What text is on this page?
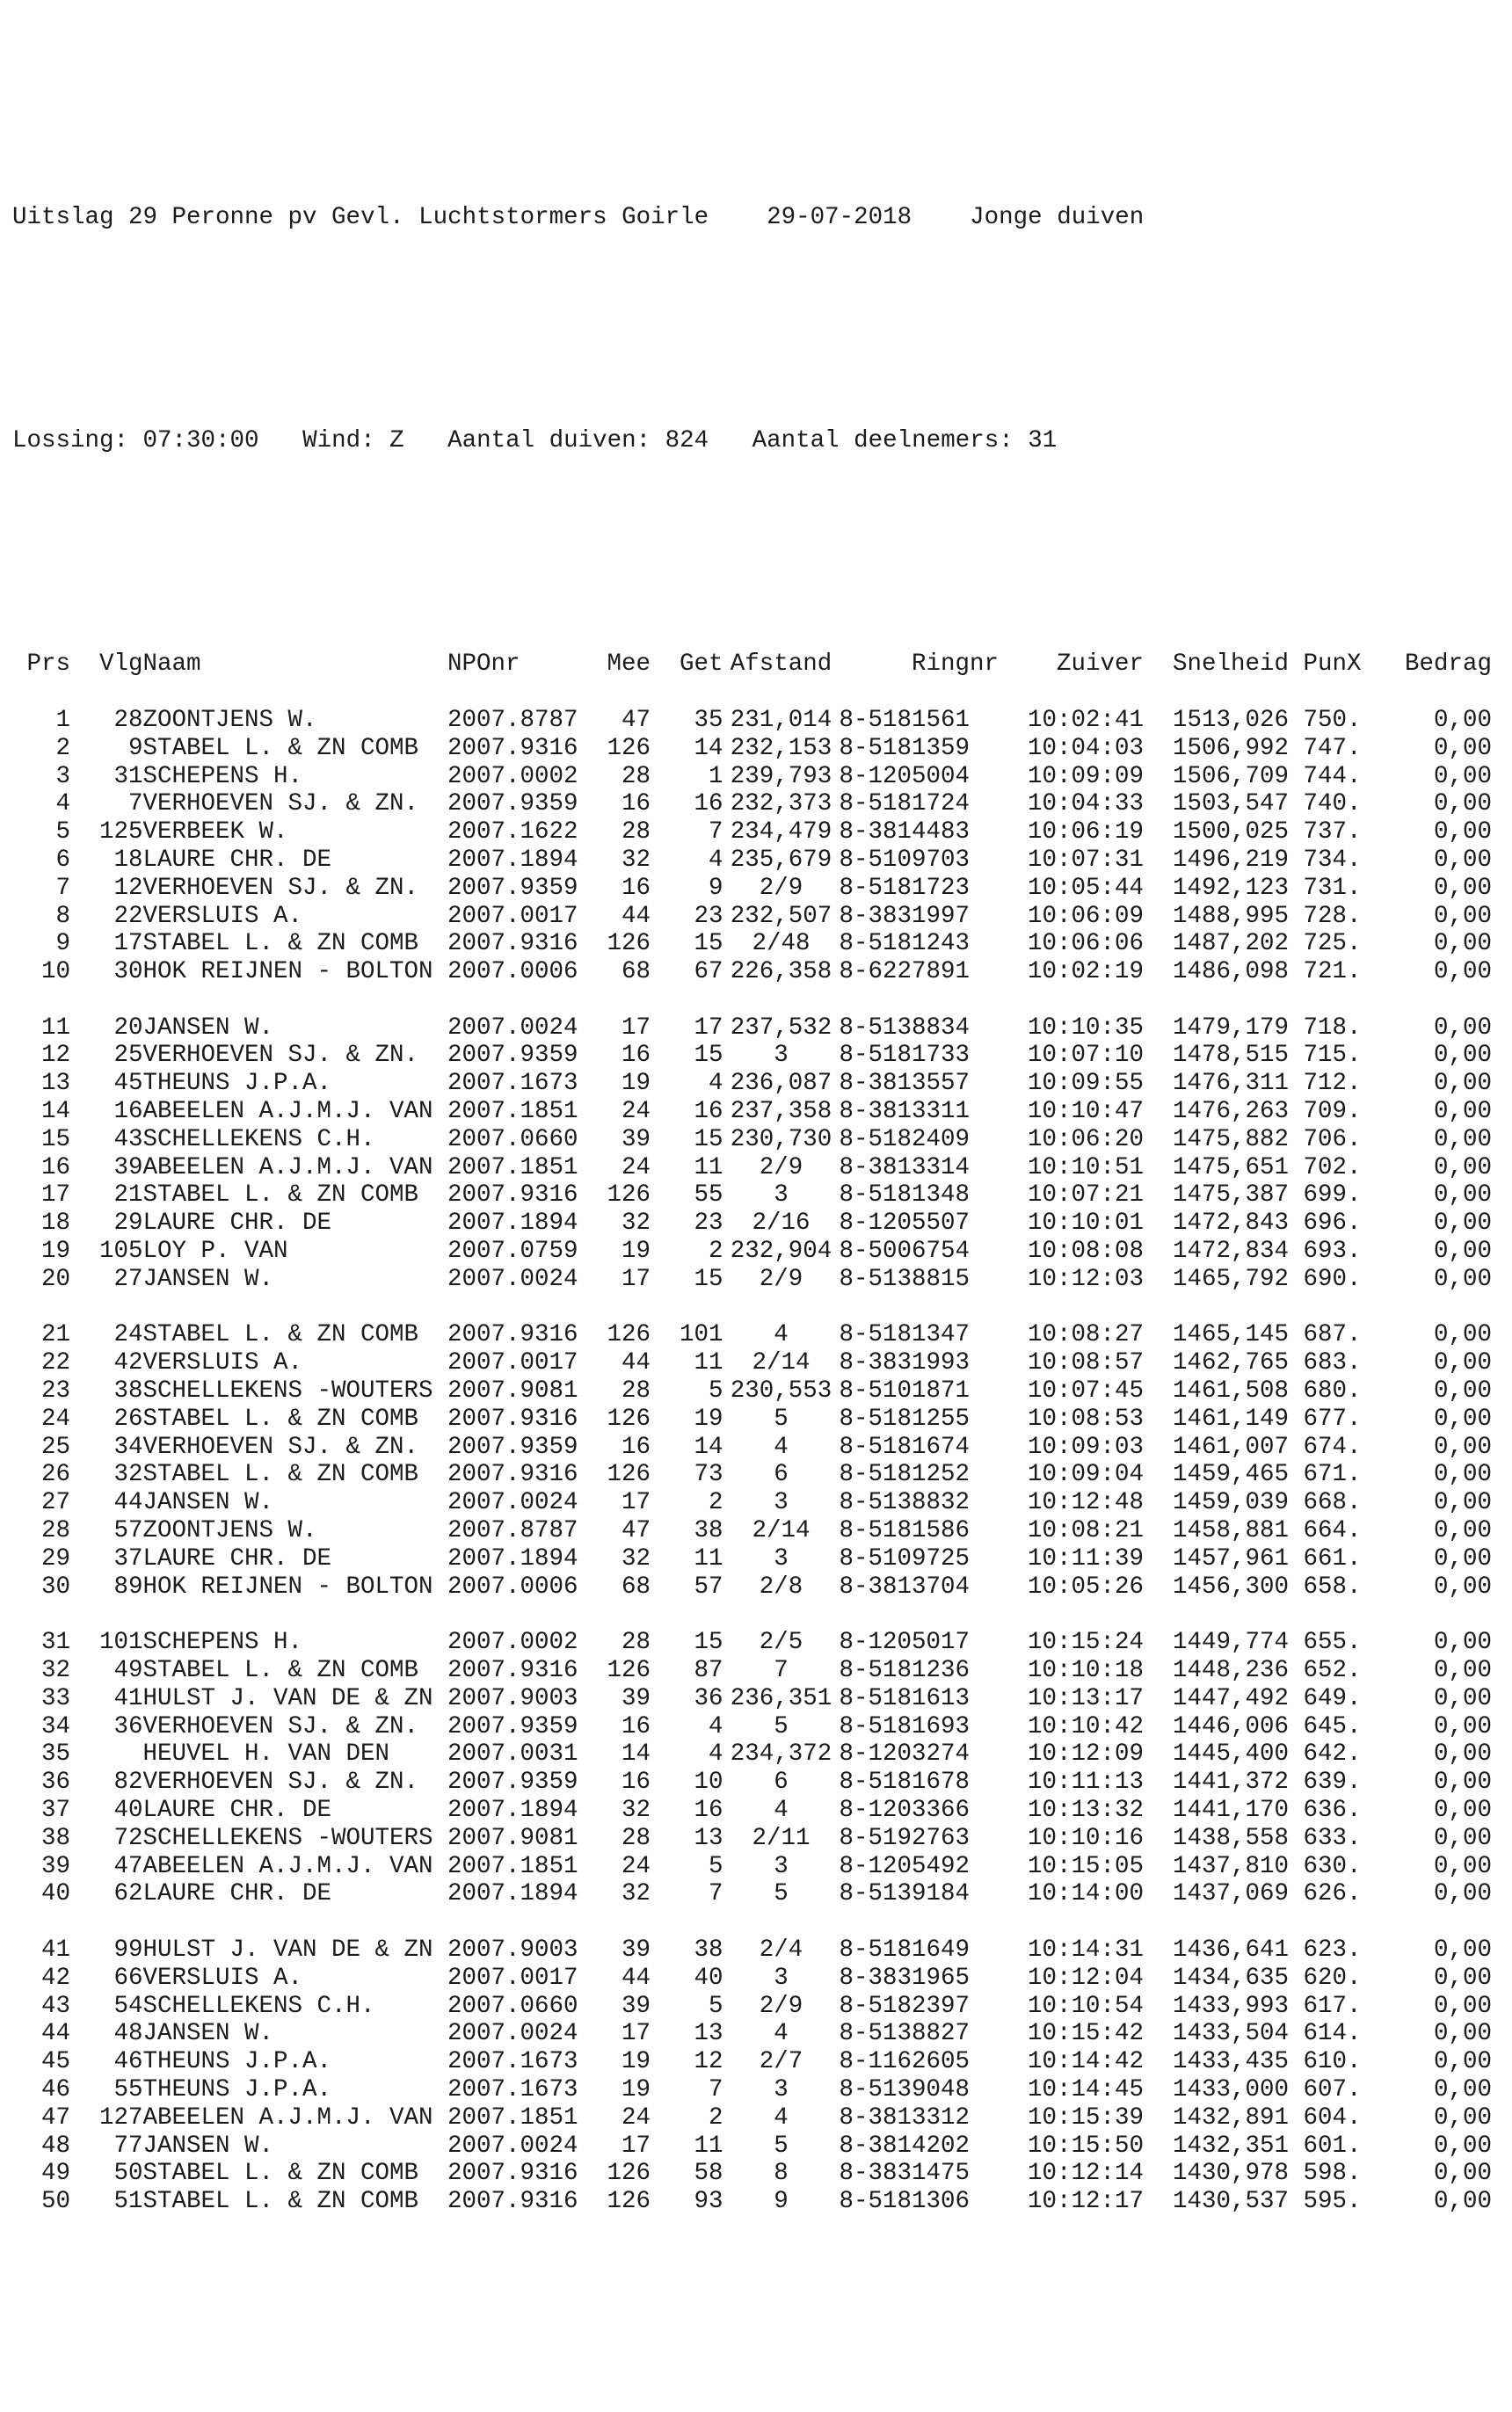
Uitslag 29 Peronne pv Gevl. Luchtstormers Goirle 29-07-2018 Jonge duiven

Lossing: 07:30:00 Wind: Z Aantal duiven: 824 Aantal deelnemers: 31

Prs	Vlg	Naam	NPOnr	Mee	Get	Afstand	Ringnr	Zuiver	Snelheid	Pun	X	Bedrag

1	28	ZOONTJENS W.	2007.8787	47	35	231,014	8-5181561	10:02:41	1513,026	750	.	0,00
2	9	STABEL L. & ZN COMB	2007.9316	126	14	232,153	8-5181359	10:04:03	1506,992	747	.	0,00
3	31	SCHEPENS H.	2007.0002	28	1	239,793	8-1205004	10:09:09	1506,709	744	.	0,00
4	7	VERHOEVEN SJ. & ZN.	2007.9359	16	16	232,373	8-5181724	10:04:33	1503,547	740	.	0,00
5	125	VERBEEK W.	2007.1622	28	7	234,479	8-3814483	10:06:19	1500,025	737	.	0,00
6	18	LAURE CHR. DE	2007.1894	32	4	235,679	8-5109703	10:07:31	1496,219	734	.	0,00
7	12	VERHOEVEN SJ. & ZN.	2007.9359	16	9	2/9	8-5181723	10:05:44	1492,123	731	.	0,00
8	22	VERSLUIS A.	2007.0017	44	23	232,507	8-3831997	10:06:09	1488,995	728	.	0,00
9	17	STABEL L. & ZN COMB	2007.9316	126	15	2/48	8-5181243	10:06:06	1487,202	725	.	0,00
10	30	HOK REIJNEN - BOLTON	2007.0006	68	67	226,358	8-6227891	10:02:19	1486,098	721	.	0,00

11	20	JANSEN W.	2007.0024	17	17	237,532	8-5138834	10:10:35	1479,179	718	.	0,00
12	25	VERHOEVEN SJ. & ZN.	2007.9359	16	15	3	8-5181733	10:07:10	1478,515	715	.	0,00
13	45	THEUNS J.P.A.	2007.1673	19	4	236,087	8-3813557	10:09:55	1476,311	712	.	0,00
14	16	ABEELEN A.J.M.J. VAN	2007.1851	24	16	237,358	8-3813311	10:10:47	1476,263	709	.	0,00
15	43	SCHELLEKENS C.H.	2007.0660	39	15	230,730	8-5182409	10:06:20	1475,882	706	.	0,00
16	39	ABEELEN A.J.M.J. VAN	2007.1851	24	11	2/9	8-3813314	10:10:51	1475,651	702	.	0,00
17	21	STABEL L. & ZN COMB	2007.9316	126	55	3	8-5181348	10:07:21	1475,387	699	.	0,00
18	29	LAURE CHR. DE	2007.1894	32	23	2/16	8-1205507	10:10:01	1472,843	696	.	0,00
19	105	LOY P. VAN	2007.0759	19	2	232,904	8-5006754	10:08:08	1472,834	693	.	0,00
20	27	JANSEN W.	2007.0024	17	15	2/9	8-5138815	10:12:03	1465,792	690	.	0,00

21	24	STABEL L. & ZN COMB	2007.9316	126	101	4	8-5181347	10:08:27	1465,145	687	.	0,00
22	42	VERSLUIS A.	2007.0017	44	11	2/14	8-3831993	10:08:57	1462,765	683	.	0,00
23	38	SCHELLEKENS -WOUTERS	2007.9081	28	5	230,553	8-5101871	10:07:45	1461,508	680	.	0,00
24	26	STABEL L. & ZN COMB	2007.9316	126	19	5	8-5181255	10:08:53	1461,149	677	.	0,00
25	34	VERHOEVEN SJ. & ZN.	2007.9359	16	14	4	8-5181674	10:09:03	1461,007	674	.	0,00
26	32	STABEL L. & ZN COMB	2007.9316	126	73	6	8-5181252	10:09:04	1459,465	671	.	0,00
27	44	JANSEN W.	2007.0024	17	2	3	8-5138832	10:12:48	1459,039	668	.	0,00
28	57	ZOONTJENS W.	2007.8787	47	38	2/14	8-5181586	10:08:21	1458,881	664	.	0,00
29	37	LAURE CHR. DE	2007.1894	32	11	3	8-5109725	10:11:39	1457,961	661	.	0,00
30	89	HOK REIJNEN - BOLTON	2007.0006	68	57	2/8	8-3813704	10:05:26	1456,300	658	.	0,00

31	101	SCHEPENS H.	2007.0002	28	15	2/5	8-1205017	10:15:24	1449,774	655	.	0,00
32	49	STABEL L. & ZN COMB	2007.9316	126	87	7	8-5181236	10:10:18	1448,236	652	.	0,00
33	41	HULST J. VAN DE & ZN	2007.9003	39	36	236,351	8-5181613	10:13:17	1447,492	649	.	0,00
34	36	VERHOEVEN SJ. & ZN.	2007.9359	16	4	5	8-5181693	10:10:42	1446,006	645	.	0,00
35		HEUVEL H. VAN DEN	2007.0031	14	4	234,372	8-1203274	10:12:09	1445,400	642	.	0,00
36	82	VERHOEVEN SJ. & ZN.	2007.9359	16	10	6	8-5181678	10:11:13	1441,372	639	.	0,00
37	40	LAURE CHR. DE	2007.1894	32	16	4	8-1203366	10:13:32	1441,170	636	.	0,00
38	72	SCHELLEKENS -WOUTERS	2007.9081	28	13	2/11	8-5192763	10:10:16	1438,558	633	.	0,00
39	47	ABEELEN A.J.M.J. VAN	2007.1851	24	5	3	8-1205492	10:15:05	1437,810	630	.	0,00
40	62	LAURE CHR. DE	2007.1894	32	7	5	8-5139184	10:14:00	1437,069	626	.	0,00

41	99	HULST J. VAN DE & ZN	2007.9003	39	38	2/4	8-5181649	10:14:31	1436,641	623	.	0,00
42	66	VERSLUIS A.	2007.0017	44	40	3	8-3831965	10:12:04	1434,635	620	.	0,00
43	54	SCHELLEKENS C.H.	2007.0660	39	5	2/9	8-5182397	10:10:54	1433,993	617	.	0,00
44	48	JANSEN W.	2007.0024	17	13	4	8-5138827	10:15:42	1433,504	614	.	0,00
45	46	THEUNS J.P.A.	2007.1673	19	12	2/7	8-1162605	10:14:42	1433,435	610	.	0,00
46	55	THEUNS J.P.A.	2007.1673	19	7	3	8-5139048	10:14:45	1433,000	607	.	0,00
47	127	ABEELEN A.J.M.J. VAN	2007.1851	24	2	4	8-3813312	10:15:39	1432,891	604	.	0,00
48	77	JANSEN W.	2007.0024	17	11	5	8-3814202	10:15:50	1432,351	601	.	0,00
49	50	STABEL L. & ZN COMB	2007.9316	126	58	8	8-3831475	10:12:14	1430,978	598	.	0,00
50	51	STABEL L. & ZN COMB	2007.9316	126	93	9	8-5181306	10:12:17	1430,537	595	.	0,00
